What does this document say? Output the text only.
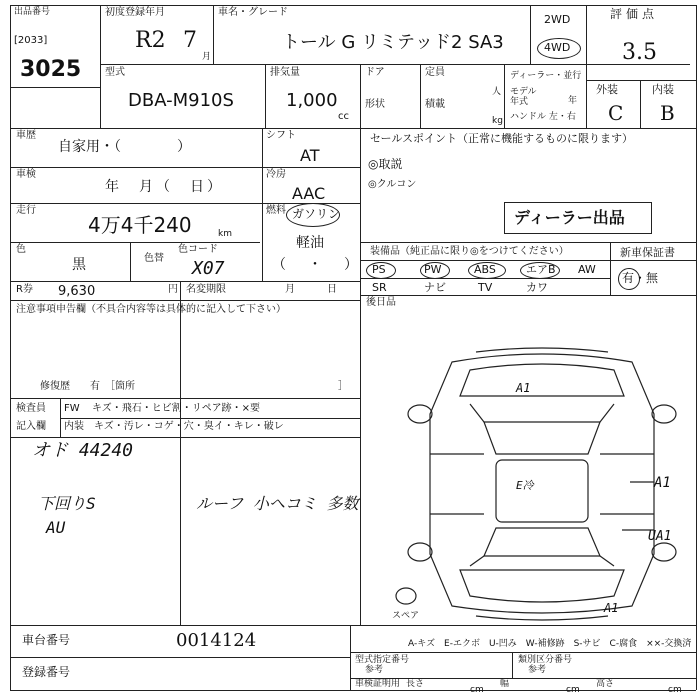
出品番号
[2033]
3025
初度登録年月
R2 7
月
車名・グレード
トール G リミテッド2 SA3
2WD
4WD
評価点
3.5
外装	内装
C B
型式
DBA-M910S
排気量
1,000
cc
ドア	定員
人
形状	積載
kg
ディーラー・並行
モデル
年式	年
ハンドル 左・右
車歴
自家用・（　　　　）
シフト
AT
車検
年　月（　日）
冷房
AAC
走行
4万4千240	km
燃料 ガソリン
軽油
（　・　）
色
黒	色替
色コード
X07
R券 9,630	円 名変期限	月　　日
セールスポイント（正常に機能するものに限ります）
◎取説
◎クルコン
ディーラー出品
装備品（純正品に限り◎をつけてください）	新車保証書
PS	PW	ABS	エアB AW
SR	ナビ	TV	カワ
有・無
後日品
注意事項申告欄（不具合内容等は具体的に記入して下さい）
修復歴　　有　［箇所	］
検査員 FW キズ・飛石・ヒビ割・リペア跡・×要
記入欄 内装　キズ・汚レ・コゲ・穴・臭イ・キレ・破レ
オド 44240
下回りS	ルーフ 小ヘコミ 多数
AU
A1
E冷	A1
UA1
A1
スペア
車台番号	0014124
登録番号
A-キズ　E-エクボ　U-凹み　W-補修跡　S-サビ　C-腐食　××-交換済
型式指定番号
参考
類別区分番号
参考
車検証明用 長さ
cm
幅
cm
高さ
cm
